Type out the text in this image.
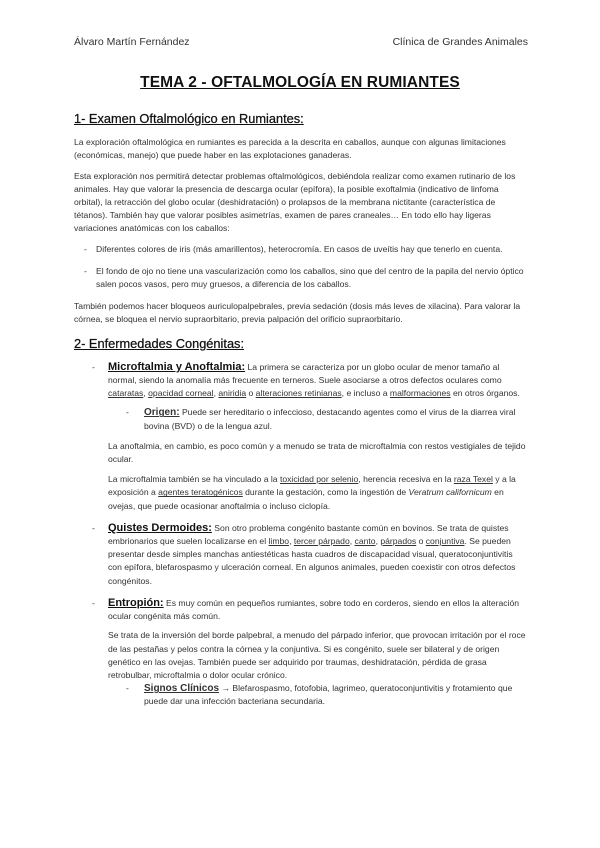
Álvaro Martín Fernández	Clínica de Grandes Animales
TEMA 2 - OFTALMOLOGÍA EN RUMIANTES
1- Examen Oftalmológico en Rumiantes:

La exploración oftalmológica en rumiantes es parecida a la descrita en caballos, aunque con algunas limitaciones (económicas, manejo) que puede haber en las explotaciones ganaderas.

Esta exploración nos permitirá detectar problemas oftalmológicos, debiéndola realizar como examen rutinario de los animales. Hay que valorar la presencia de descarga ocular (epífora), la posible exoftalmia (indicativo de linfoma orbital), la retracción del globo ocular (deshidratación) o prolapsos de la membrana nictitante (característica de tétanos). También hay que valorar posibles asimetrías, examen de pares craneales… En todo ello hay ligeras variaciones anatómicas con los caballos:

- Diferentes colores de iris (más amarillentos), heterocromía. En casos de uveítis hay que tenerlo en cuenta.
- El fondo de ojo no tiene una vascularización como los caballos, sino que del centro de la papila del nervio óptico salen pocos vasos, pero muy gruesos, a diferencia de los caballos.

También podemos hacer bloqueos auriculopalpebrales, previa sedación (dosis más leves de xilacina). Para valorar la córnea, se bloquea el nervio supraorbitario, previa palpación del orificio supraorbitario.

2- Enfermedades Congénitas:
- Microftalmia y Anoftalmia: La primera se caracteriza por un globo ocular de menor tamaño al normal, siendo la anomalía más frecuente en terneros. Suele asociarse a otros defectos oculares como cataratas, opacidad corneal, aniridia o alteraciones retinianas, e incluso a malformaciones en otros órganos.
- Origen: Puede ser hereditario o infeccioso, destacando agentes como el virus de la diarrea viral bovina (BVD) o de la lengua azul.

La anoftalmia, en cambio, es poco común y a menudo se trata de microftalmia con restos vestigiales de tejido ocular.

La microftalmia también se ha vinculado a la toxicidad por selenio, herencia recesiva en la raza Texel y a la exposición a agentes teratogénicos durante la gestación, como la ingestión de Veratrum californicum en ovejas, que puede ocasionar anoftalmia o incluso ciclopía.

- Quistes Dermoides: Son otro problema congénito bastante común en bovinos. Se trata de quistes embrionarios que suelen localizarse en el limbo, tercer párpado, canto, párpados o conjuntiva. Se pueden presentar desde simples manchas antiestéticas hasta cuadros de discapacidad visual, queratoconjuntivitis con epífora, blefarospasmo y ulceración corneal. En algunos animales, pueden coexistir con otros defectos congénitos.
- Entropión: Es muy común en pequeños rumiantes, sobre todo en corderos, siendo en ellos la alteración ocular congénita más común.

Se trata de la inversión del borde palpebral, a menudo del párpado inferior, que provocan irritación por el roce de las pestañas y pelos contra la córnea y la conjuntiva. Si es congénito, suele ser bilateral y de origen genético en las ovejas. También puede ser adquirido por traumas, deshidratación, pérdida de grasa retrobulbar, microftalmia o dolor ocular crónico.

- Signos Clínicos → Blefarospasmo, fotofobia, lagrimeo, queratoconjuntivitis y frotamiento que puede dar una infección bacteriana secundaria.
